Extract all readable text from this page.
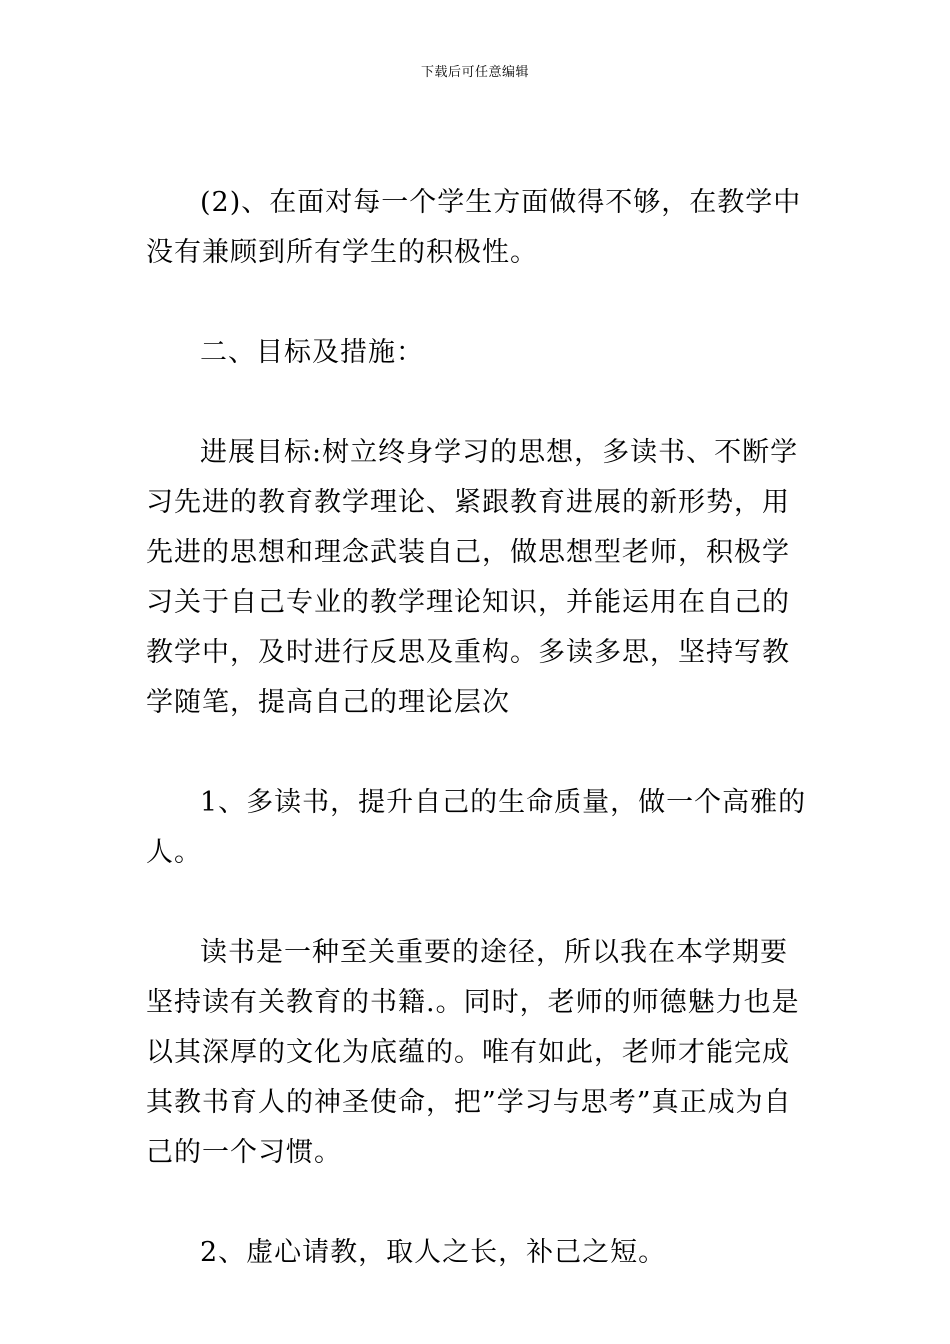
下载后可任意编辑

(2)、在面对每一个学生方面做得不够，在教学中没有兼顾到所有学生的积极性。

二、目标及措施：

进展目标:树立终身学习的思想，多读书、不断学习先进的教育教学理论、紧跟教育进展的新形势，用先进的思想和理念武装自己，做思想型老师，积极学习关于自己专业的教学理论知识，并能运用在自己的教学中，及时进行反思及重构。多读多思，坚持写教学随笔，提高自己的理论层次

1、多读书，提升自己的生命质量，做一个高雅的人。

读书是一种至关重要的途径，所以我在本学期要坚持读有关教育的书籍.。同时，老师的师德魅力也是以其深厚的文化为底蕴的。唯有如此，老师才能完成其教书育人的神圣使命，把”学习与思考”真正成为自己的一个习惯。

2、虚心请教，取人之长，补己之短。
